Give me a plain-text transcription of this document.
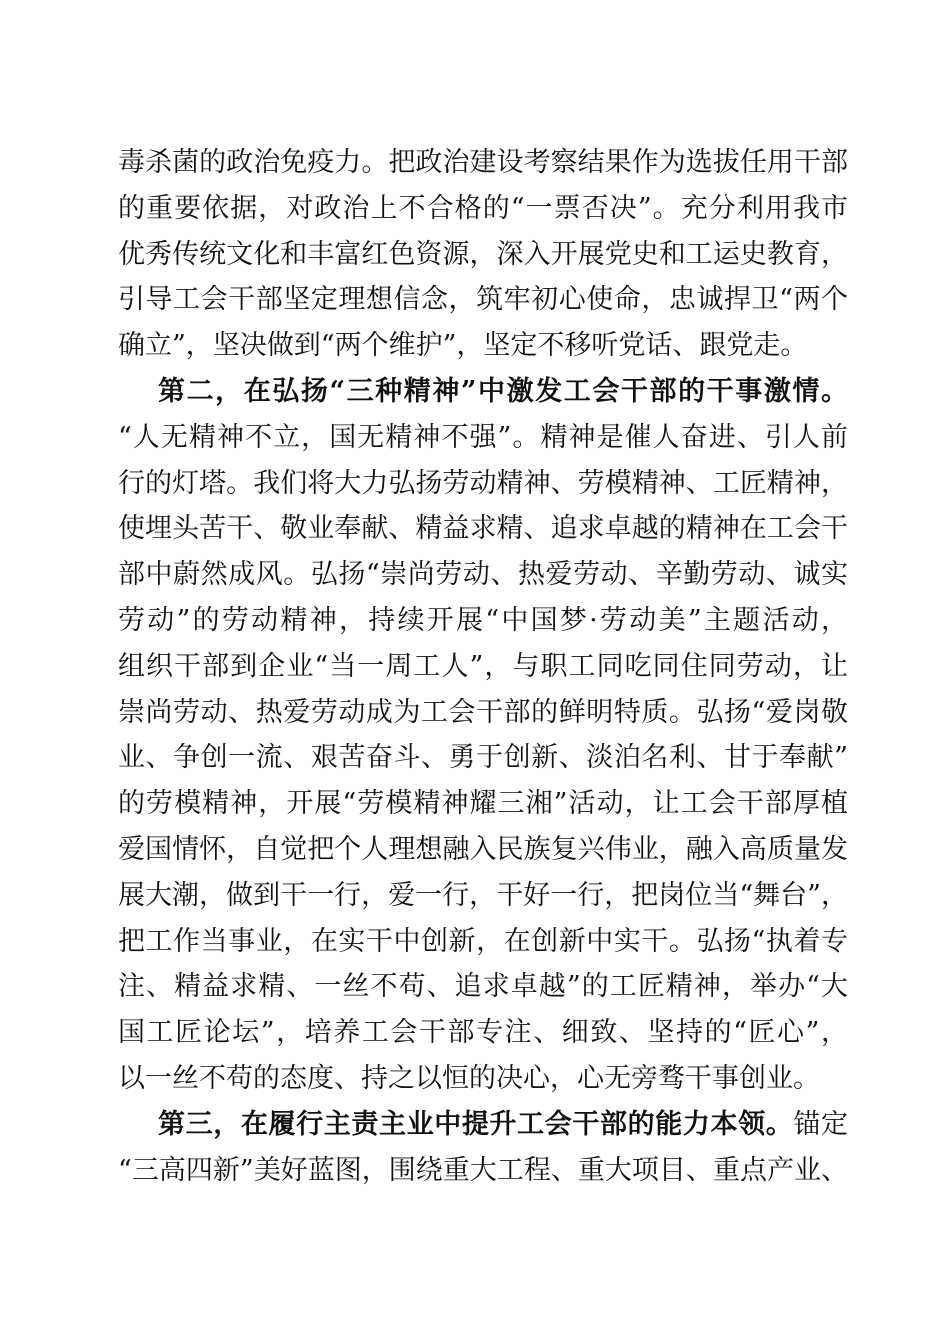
毒杀菌的政治免疫力。把政治建设考察结果作为选拔任用干部
的重要依据，对政治上不合格的“一票否决”。充分利用我市
优秀传统文化和丰富红色资源，深入开展党史和工运史教育，
引导工会干部坚定理想信念，筑牢初心使命，忠诚捍卫“两个
确立”，坚决做到“两个维护”，坚定不移听党话、跟党走。
第二，在弘扬“三种精神”中激发工会干部的干事激情。
“人无精神不立，国无精神不强”。精神是催人奋进、引人前
行的灯塔。我们将大力弘扬劳动精神、劳模精神、工匠精神，
使埋头苦干、敬业奉献、精益求精、追求卓越的精神在工会干
部中蔚然成风。弘扬“崇尚劳动、热爱劳动、辛勤劳动、诚实
劳动”的劳动精神，持续开展“中国梦·劳动美”主题活动，
组织干部到企业“当一周工人”，与职工同吃同住同劳动，让
崇尚劳动、热爱劳动成为工会干部的鲜明特质。弘扬“爱岗敬
业、争创一流、艰苦奋斗、勇于创新、淡泊名利、甘于奉献”
的劳模精神，开展“劳模精神耀三湘”活动，让工会干部厚植
爱国情怀，自觉把个人理想融入民族复兴伟业，融入高质量发
展大潮，做到干一行，爱一行，干好一行，把岗位当“舞台”，
把工作当事业，在实干中创新，在创新中实干。弘扬“执着专
注、精益求精、一丝不苟、追求卓越”的工匠精神，举办“大
国工匠论坛”，培养工会干部专注、细致、坚持的“匠心”，
以一丝不苟的态度、持之以恒的决心，心无旁骛干事创业。
第三，在履行主责主业中提升工会干部的能力本领。锚定
“三高四新”美好蓝图，围绕重大工程、重大项目、重点产业、
